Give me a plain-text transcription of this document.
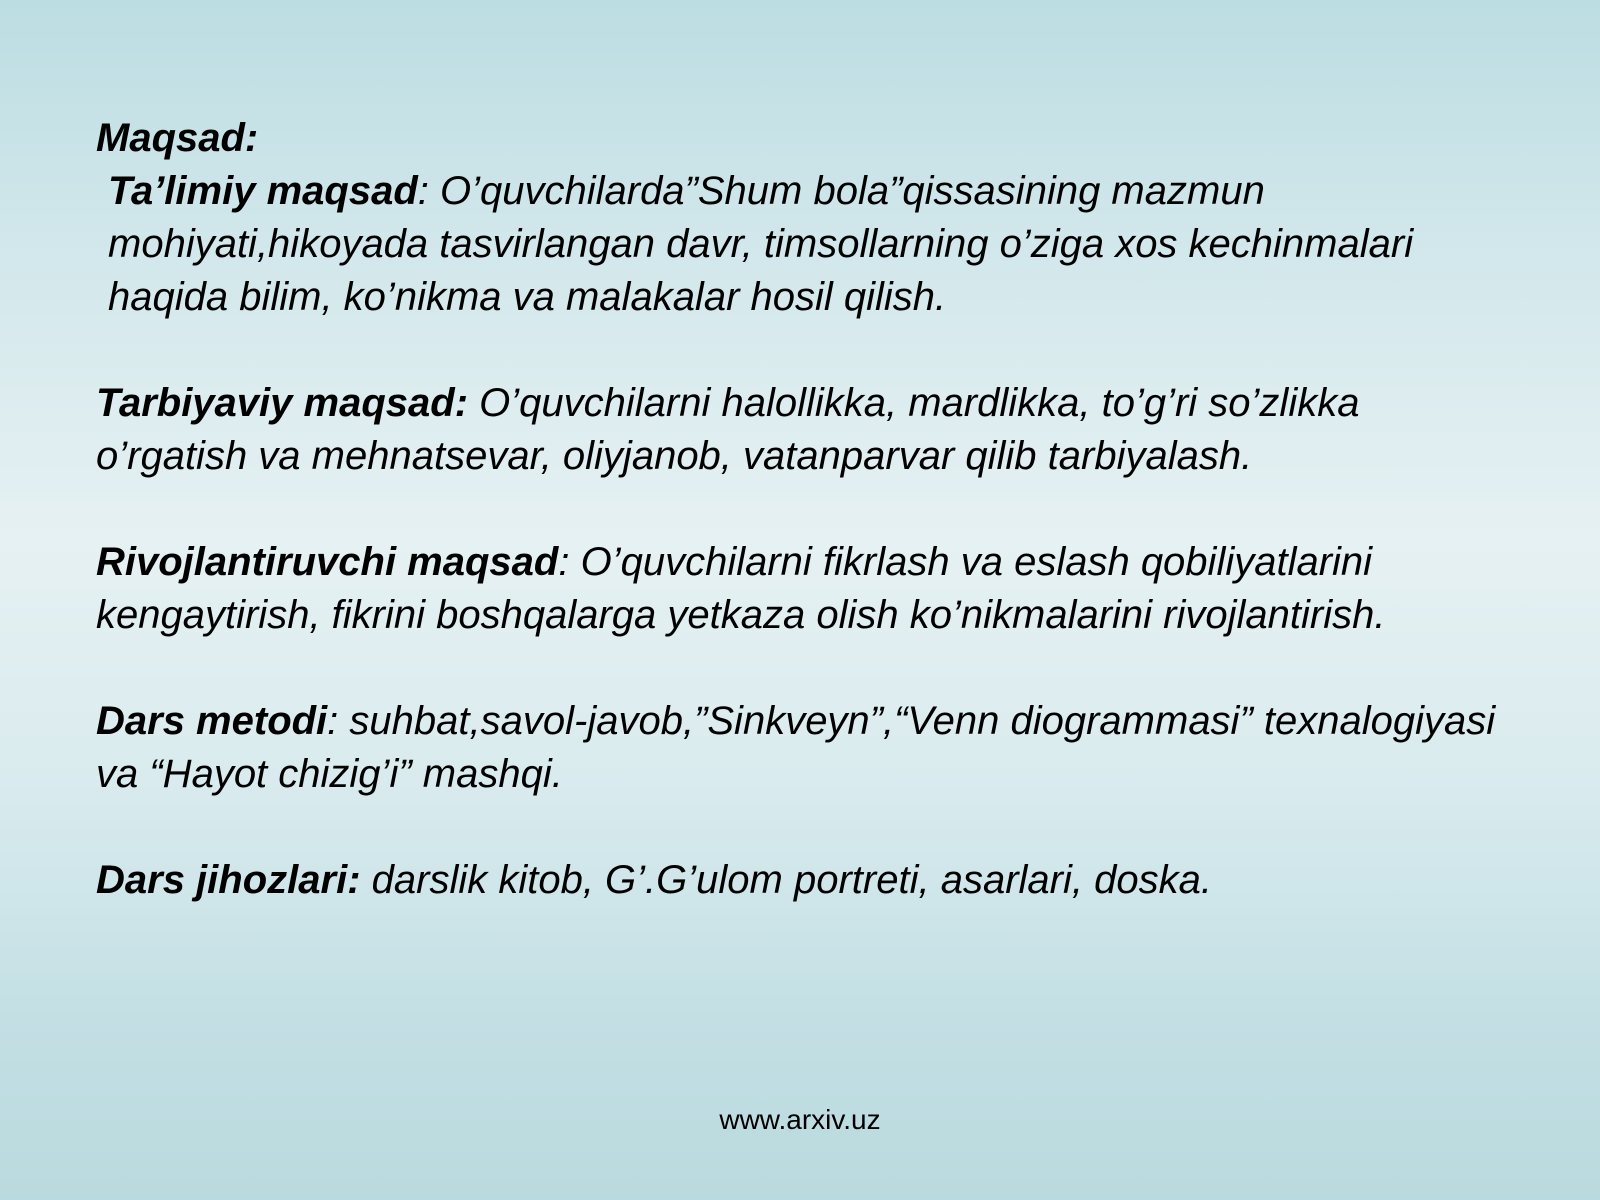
Maqsad:

Ta’limiy maqsad: O’quvchilarda”Shum bola”qissasining mazmun mohiyati,hikoyada tasvirlangan davr, timsollarning o’ziga xos kechinmalari haqida bilim, ko’nikma va malakalar hosil qilish.

Tarbiyaviy maqsad: O’quvchilarni halollikka, mardlikka, to’g’ri so’zlikka o’rgatish va mehnatsevar, oliyjanob, vatanparvar qilib tarbiyalash.

Rivojlantiruvchi maqsad: O’quvchilarni fikrlash va eslash qobiliyatlarini kengaytirish, fikrini boshqalarga yetkaza olish ko’nikmalarini rivojlantirish.

Dars metodi: suhbat,savol-javob,”Sinkveyn”,“Venn diogrammasi” texnalogiyasi va “Hayot chizig’i” mashqi.

Dars jihozlari: darslik kitob, G’.G’ulom portreti, asarlari, doska.

www.arxiv.uz
